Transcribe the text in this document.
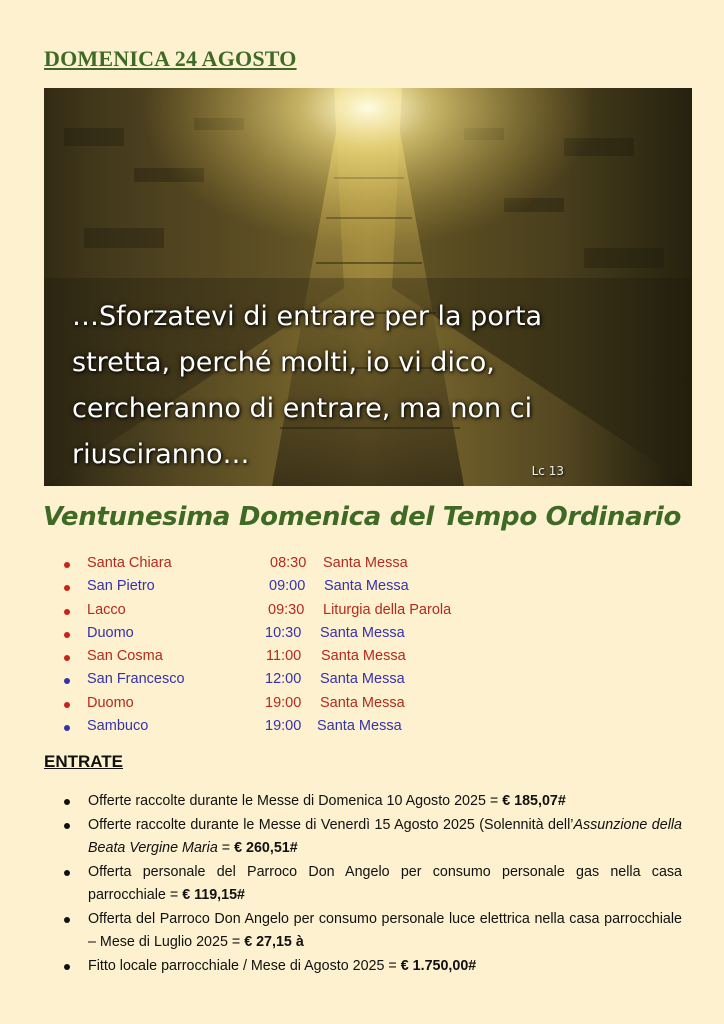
DOMENICA 24 AGOSTO
…Sforzatevi di entrare per la porta
stretta, perché molti, io vi dico,
cercheranno di entrare, ma non ci
riusciranno…
Lc 13
Ventunesima Domenica del Tempo Ordinario
Santa Chiara	08:30 Santa Messa
San Pietro	09:00 Santa Messa
Lacco	09:30 Liturgia della Parola
Duomo	10:30 Santa Messa
San Cosma	11:00 Santa Messa
San Francesco	12:00 Santa Messa
Duomo	19:00 Santa Messa
Sambuco	19:00 Santa Messa
ENTRATE
Offerte raccolte durante le Messe di Domenica 10 Agosto 2025 = € 185,07#
Offerte raccolte durante le Messe di Venerdì 15 Agosto 2025 (Solennità dell’Assunzione della Beata Vergine Maria = € 260,51#
Offerta personale del Parroco Don Angelo per consumo personale gas nella casa parrocchiale = € 119,15#
Offerta del Parroco Don Angelo per consumo personale luce elettrica nella casa parrocchiale – Mese di Luglio 2025 = € 27,15 à
Fitto locale parrocchiale / Mese di Agosto 2025 = € 1.750,00#
